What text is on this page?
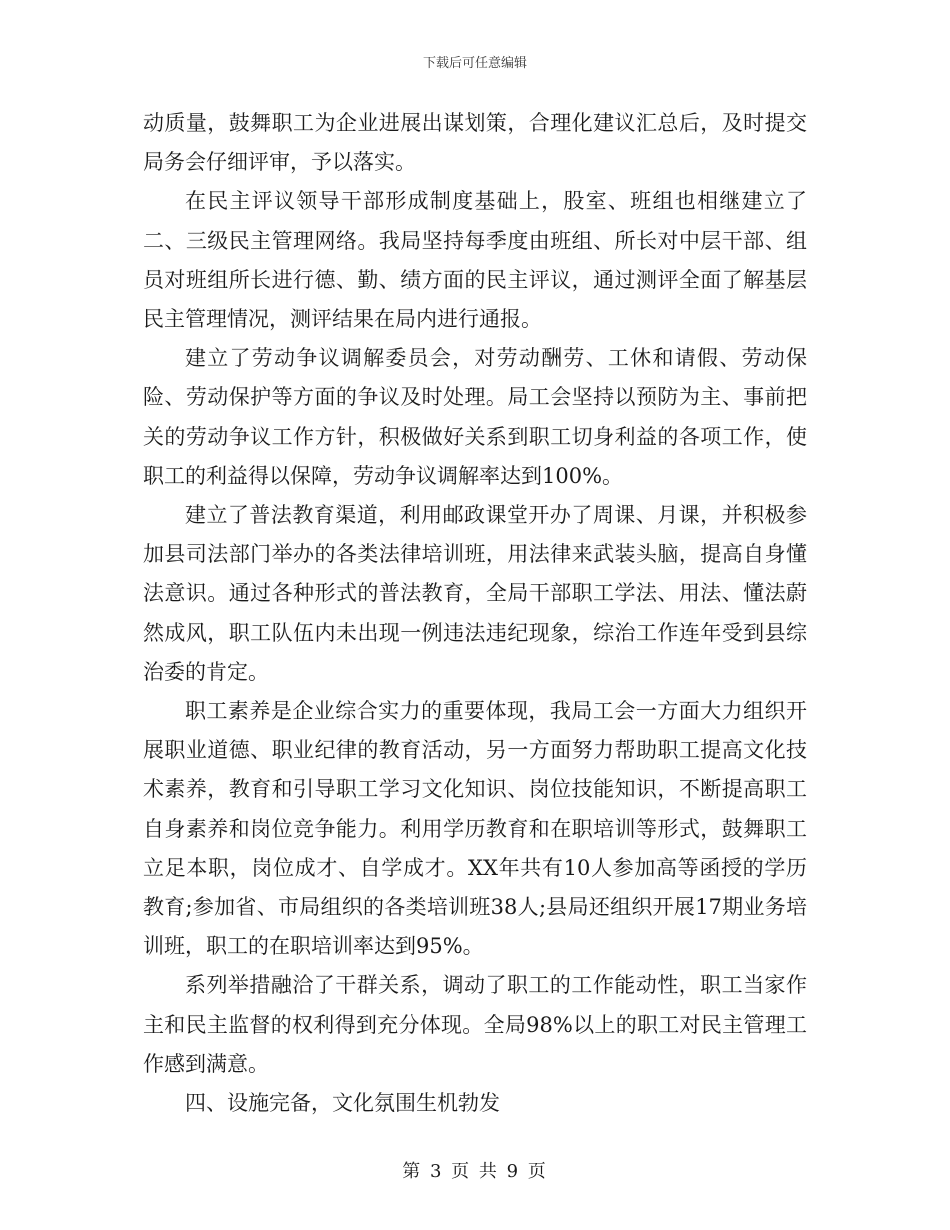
下载后可任意编辑

动质量，鼓舞职工为企业进展出谋划策，合理化建议汇总后，及时提交局务会仔细评审，予以落实。

在民主评议领导干部形成制度基础上，股室、班组也相继建立了二、三级民主管理网络。我局坚持每季度由班组、所长对中层干部、组员对班组所长进行德、勤、绩方面的民主评议，通过测评全面了解基层民主管理情况，测评结果在局内进行通报。

建立了劳动争议调解委员会，对劳动酬劳、工休和请假、劳动保险、劳动保护等方面的争议及时处理。局工会坚持以预防为主、事前把关的劳动争议工作方针，积极做好关系到职工切身利益的各项工作，使职工的利益得以保障，劳动争议调解率达到100%。

建立了普法教育渠道，利用邮政课堂开办了周课、月课，并积极参加县司法部门举办的各类法律培训班，用法律来武装头脑，提高自身懂法意识。通过各种形式的普法教育，全局干部职工学法、用法、懂法蔚然成风，职工队伍内未出现一例违法违纪现象，综治工作连年受到县综治委的肯定。

职工素养是企业综合实力的重要体现，我局工会一方面大力组织开展职业道德、职业纪律的教育活动，另一方面努力帮助职工提高文化技术素养，教育和引导职工学习文化知识、岗位技能知识，不断提高职工自身素养和岗位竞争能力。利用学历教育和在职培训等形式，鼓舞职工立足本职，岗位成才、自学成才。XX年共有10人参加高等函授的学历教育;参加省、市局组织的各类培训班38人;县局还组织开展17期业务培训班，职工的在职培训率达到95%。

系列举措融洽了干群关系，调动了职工的工作能动性，职工当家作主和民主监督的权利得到充分体现。全局98%以上的职工对民主管理工作感到满意。

四、设施完备，文化氛围生机勃发

第 3 页 共 9 页
